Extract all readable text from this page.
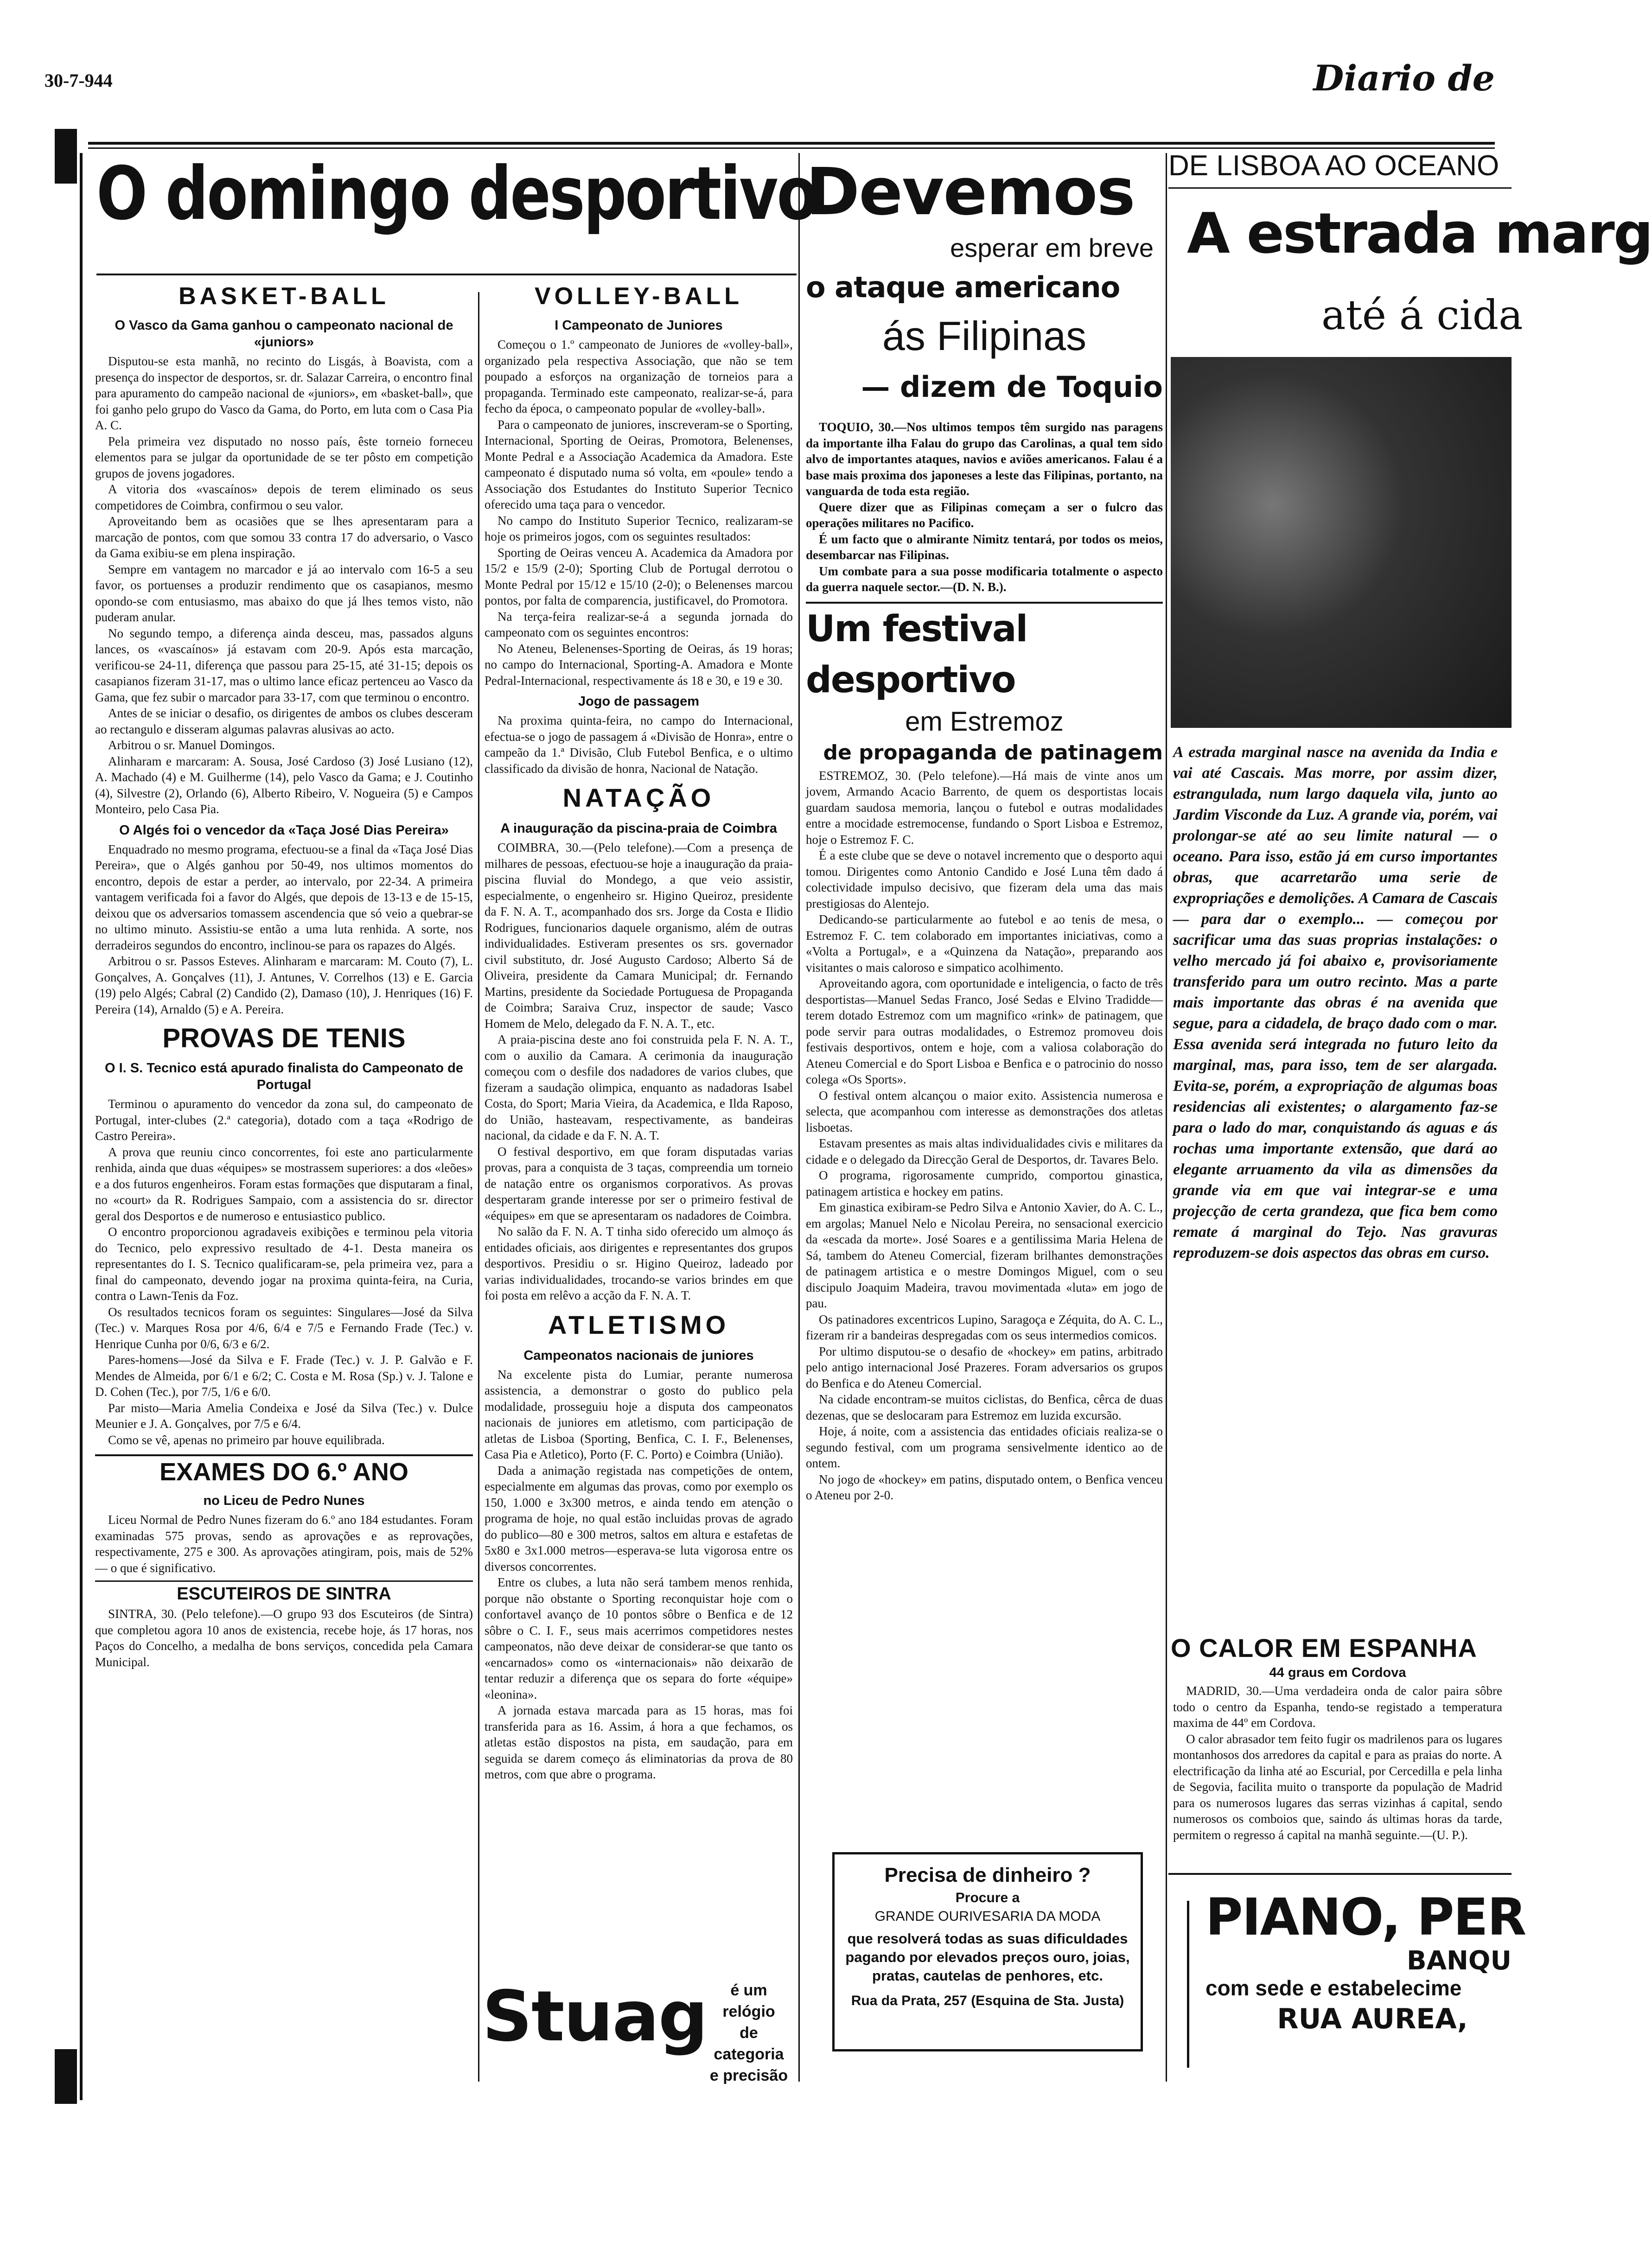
30-7-944	Diario de
O domingo desportivo
BASKET-BALL
O Vasco da Gama ganhou o campeonato nacional de «juniors»

Disputou-se esta manhã, no recinto do Lisgás, à Boavista, com a presença do inspector de desportos, sr. dr. Salazar Carreira, o encontro final para apuramento do campeão nacional de «juniors», em «basket-ball», que foi ganho pelo grupo do Vasco da Gama, do Porto, em luta com o Casa Pia A. C.

Pela primeira vez disputado no nosso país, êste torneio forneceu elementos para se julgar da oportunidade de se ter pôsto em competição grupos de jovens jogadores.

A vitoria dos «vascaínos» depois de terem eliminado os seus competidores de Coimbra, confirmou o seu valor.

Aproveitando bem as ocasiões que se lhes apresentaram para a marcação de pontos, com que somou 33 contra 17 do adversario, o Vasco da Gama exibiu-se em plena inspiração.

Sempre em vantagem no marcador e já ao intervalo com 16-5 a seu favor, os portuenses a produzir rendimento que os casapianos, mesmo opondo-se com entusiasmo, mas abaixo do que já lhes temos visto, não puderam anular.

No segundo tempo, a diferença ainda desceu, mas, passados alguns lances, os «vascaínos» já estavam com 20-9. Após esta marcação, verificou-se 24-11, diferença que passou para 25-15, até 31-15; depois os casapianos fizeram 31-17, mas o ultimo lance eficaz pertenceu ao Vasco da Gama, que fez subir o marcador para 33-17, com que terminou o encontro.

Antes de se iniciar o desafio, os dirigentes de ambos os clubes desceram ao rectangulo e disseram algumas palavras alusivas ao acto.

Arbitrou o sr. Manuel Domingos.

Alinharam e marcaram: A. Sousa, José Cardoso (3) José Lusiano (12), A. Machado (4) e M. Guilherme (14), pelo Vasco da Gama; e J. Coutinho (4), Silvestre (2), Orlando (6), Alberto Ribeiro, V. Nogueira (5) e Campos Monteiro, pelo Casa Pia.

O Algés foi o vencedor da «Taça José Dias Pereira»

Enquadrado no mesmo programa, efectuou-se a final da «Taça José Dias Pereira», que o Algés ganhou por 50-49, nos ultimos momentos do encontro, depois de estar a perder, ao intervalo, por 22-34. A primeira vantagem verificada foi a favor do Algés, que depois de 13-13 e de 15-15, deixou que os adversarios tomassem ascendencia que só veio a quebrar-se no ultimo minuto. Assistiu-se então a uma luta renhida. A sorte, nos derradeiros segundos do encontro, inclinou-se para os rapazes do Algés.

Arbitrou o sr. Passos Esteves. Alinharam e marcaram: M. Couto (7), L. Gonçalves, A. Gonçalves (11), J. Antunes, V. Correlhos (13) e E. Garcia (19) pelo Algés; Cabral (2) Candido (2), Damaso (10), J. Henriques (16) F. Pereira (14), Arnaldo (5) e A. Pereira.

PROVAS DE TENIS
O I. S. Tecnico está apurado finalista do Campeonato de Portugal

Terminou o apuramento do vencedor da zona sul, do campeonato de Portugal, inter-clubes (2.ª categoria), dotado com a taça «Rodrigo de Castro Pereira».

A prova que reuniu cinco concorrentes, foi este ano particularmente renhida, ainda que duas «équipes» se mostrassem superiores: a dos «leões» e a dos futuros engenheiros. Foram estas formações que disputaram a final, no «court» da R. Rodrigues Sampaio, com a assistencia do sr. director geral dos Desportos e de numeroso e entusiastico publico.

O encontro proporcionou agradaveis exibições e terminou pela vitoria do Tecnico, pelo expressivo resultado de 4-1. Desta maneira os representantes do I. S. Tecnico qualificaram-se, pela primeira vez, para a final do campeonato, devendo jogar na proxima quinta-feira, na Curia, contra o Lawn-Tenis da Foz.

Os resultados tecnicos foram os seguintes: Singulares—José da Silva (Tec.) v. Marques Rosa por 4/6, 6/4 e 7/5 e Fernando Frade (Tec.) v. Henrique Cunha por 0/6, 6/3 e 6/2.

Pares-homens—José da Silva e F. Frade (Tec.) v. J. P. Galvão e F. Mendes de Almeida, por 6/1 e 6/2; C. Costa e M. Rosa (Sp.) v. J. Talone e D. Cohen (Tec.), por 7/5, 1/6 e 6/0.

Par misto—Maria Amelia Condeixa e José da Silva (Tec.) v. Dulce Meunier e J. A. Gonçalves, por 7/5 e 6/4.

Como se vê, apenas no primeiro par houve equilibrada.

EXAMES DO 6.º ANO
no Liceu de Pedro Nunes

Liceu Normal de Pedro Nunes fizeram do 6.º ano 184 estudantes. Foram examinadas 575 provas, sendo as aprovações e as reprovações, respectivamente, 275 e 300. As aprovações atingiram, pois, mais de 52% — o que é significativo.

ESCUTEIROS DE SINTRA

SINTRA, 30. (Pelo telefone).—O grupo 93 dos Escuteiros (de Sintra) que completou agora 10 anos de existencia, recebe hoje, ás 17 horas, nos Paços do Concelho, a medalha de bons serviços, concedida pela Camara Municipal.

VOLLEY-BALL
I Campeonato de Juniores

Começou o 1.º campeonato de Juniores de «volley-ball», organizado pela respectiva Associação, que não se tem poupado a esforços na organização de torneios para a propaganda. Terminado este campeonato, realizar-se-á, para fecho da época, o campeonato popular de «volley-ball».

Para o campeonato de juniores, inscreveram-se o Sporting, Internacional, Sporting de Oeiras, Promotora, Belenenses, Monte Pedral e a Associação Academica da Amadora. Este campeonato é disputado numa só volta, em «poule» tendo a Associação dos Estudantes do Instituto Superior Tecnico oferecido uma taça para o vencedor.

No campo do Instituto Superior Tecnico, realizaram-se hoje os primeiros jogos, com os seguintes resultados:

Sporting de Oeiras venceu A. Academica da Amadora por 15/2 e 15/9 (2-0); Sporting Club de Portugal derrotou o Monte Pedral por 15/12 e 15/10 (2-0); o Belenenses marcou pontos, por falta de comparencia, justificavel, do Promotora.

Na terça-feira realizar-se-á a segunda jornada do campeonato com os seguintes encontros:

No Ateneu, Belenenses-Sporting de Oeiras, ás 19 horas; no campo do Internacional, Sporting-A. Amadora e Monte Pedral-Internacional, respectivamente ás 18 e 30, e 19 e 30.

Jogo de passagem

Na proxima quinta-feira, no campo do Internacional, efectua-se o jogo de passagem á «Divisão de Honra», entre o campeão da 1.ª Divisão, Club Futebol Benfica, e o ultimo classificado da divisão de honra, Nacional de Natação.

NATAÇÃO
A inauguração da piscina-praia de Coimbra

COIMBRA, 30.—(Pelo telefone).—Com a presença de milhares de pessoas, efectuou-se hoje a inauguração da praia-piscina fluvial do Mondego, a que veio assistir, especialmente, o engenheiro sr. Higino Queiroz, presidente da F. N. A. T., acompanhado dos srs. Jorge da Costa e Ilidio Rodrigues, funcionarios daquele organismo, além de outras individualidades. Estiveram presentes os srs. governador civil substituto, dr. José Augusto Cardoso; Alberto Sá de Oliveira, presidente da Camara Municipal; dr. Fernando Martins, presidente da Sociedade Portuguesa de Propaganda de Coimbra; Saraiva Cruz, inspector de saude; Vasco Homem de Melo, delegado da F. N. A. T., etc.

A praia-piscina deste ano foi construida pela F. N. A. T., com o auxilio da Camara. A cerimonia da inauguração começou com o desfile dos nadadores de varios clubes, que fizeram a saudação olimpica, enquanto as nadadoras Isabel Costa, do Sport; Maria Vieira, da Academica, e Ilda Raposo, do União, hasteavam, respectivamente, as bandeiras nacional, da cidade e da F. N. A. T.

O festival desportivo, em que foram disputadas varias provas, para a conquista de 3 taças, compreendia um torneio de natação entre os organismos corporativos. As provas despertaram grande interesse por ser o primeiro festival de «équipes» em que se apresentaram os nadadores de Coimbra.

No salão da F. N. A. T tinha sido oferecido um almoço ás entidades oficiais, aos dirigentes e representantes dos grupos desportivos. Presidiu o sr. Higino Queiroz, ladeado por varias individualidades, trocando-se varios brindes em que foi posta em relêvo a acção da F. N. A. T.

ATLETISMO
Campeonatos nacionais de juniores

Na excelente pista do Lumiar, perante numerosa assistencia, a demonstrar o gosto do publico pela modalidade, prosseguiu hoje a disputa dos campeonatos nacionais de juniores em atletismo, com participação de atletas de Lisboa (Sporting, Benfica, C. I. F., Belenenses, Casa Pia e Atletico), Porto (F. C. Porto) e Coimbra (União).

Dada a animação registada nas competições de ontem, especialmente em algumas das provas, como por exemplo os 150, 1.000 e 3x300 metros, e ainda tendo em atenção o programa de hoje, no qual estão incluidas provas de agrado do publico—80 e 300 metros, saltos em altura e estafetas de 5x80 e 3x1.000 metros—esperava-se luta vigorosa entre os diversos concorrentes.

Entre os clubes, a luta não será tambem menos renhida, porque não obstante o Sporting reconquistar hoje com o confortavel avanço de 10 pontos sôbre o Benfica e de 12 sôbre o C. I. F., seus mais acerrimos competidores nestes campeonatos, não deve deixar de considerar-se que tanto os «encarnados» como os «internacionais» não deixarão de tentar reduzir a diferença que os separa do forte «équipe» «leonina».

A jornada estava marcada para as 15 horas, mas foi transferida para as 16. Assim, á hora a que fechamos, os atletas estão dispostos na pista, em saudação, para em seguida se darem começo ás eliminatorias da prova de 80 metros, com que abre o programa.

Stuag	é um relógio
de categoria
e precisão
Devemos
esperar em breve
o ataque americano
ás Filipinas
— dizem de Toquio

TOQUIO, 30.—Nos ultimos tempos têm surgido nas paragens da importante ilha Falau do grupo das Carolinas, a qual tem sido alvo de importantes ataques, navios e aviões americanos. Falau é a base mais proxima dos japoneses a leste das Filipinas, portanto, na vanguarda de toda esta região.

Quere dizer que as Filipinas começam a ser o fulcro das operações militares no Pacifico.

É um facto que o almirante Nimitz tentará, por todos os meios, desembarcar nas Filipinas.

Um combate para a sua posse modificaria totalmente o aspecto da guerra naquele sector.—(D. N. B.).

Um festival desportivo
em Estremoz
de propaganda de patinagem

ESTREMOZ, 30. (Pelo telefone).—Há mais de vinte anos um jovem, Armando Acacio Barrento, de quem os desportistas locais guardam saudosa memoria, lançou o futebol e outras modalidades entre a mocidade estremocense, fundando o Sport Lisboa e Estremoz, hoje o Estremoz F. C.

É a este clube que se deve o notavel incremento que o desporto aqui tomou. Dirigentes como Antonio Candido e José Luna têm dado á colectividade impulso decisivo, que fizeram dela uma das mais prestigiosas do Alentejo.

Dedicando-se particularmente ao futebol e ao tenis de mesa, o Estremoz F. C. tem colaborado em importantes iniciativas, como a «Volta a Portugal», e a «Quinzena da Natação», preparando aos visitantes o mais caloroso e simpatico acolhimento.

Aproveitando agora, com oportunidade e inteligencia, o facto de três desportistas—Manuel Sedas Franco, José Sedas e Elvino Tradidde—terem dotado Estremoz com um magnifico «rink» de patinagem, que pode servir para outras modalidades, o Estremoz promoveu dois festivais desportivos, ontem e hoje, com a valiosa colaboração do Ateneu Comercial e do Sport Lisboa e Benfica e o patrocinio do nosso colega «Os Sports».

O festival ontem alcançou o maior exito. Assistencia numerosa e selecta, que acompanhou com interesse as demonstrações dos atletas lisboetas.

Estavam presentes as mais altas individualidades civis e militares da cidade e o delegado da Direcção Geral de Desportos, dr. Tavares Belo.

O programa, rigorosamente cumprido, comportou ginastica, patinagem artistica e hockey em patins.

Em ginastica exibiram-se Pedro Silva e Antonio Xavier, do A. C. L., em argolas; Manuel Nelo e Nicolau Pereira, no sensacional exercicio da «escada da morte». José Soares e a gentilissima Maria Helena de Sá, tambem do Ateneu Comercial, fizeram brilhantes demonstrações de patinagem artistica e o mestre Domingos Miguel, com o seu discipulo Joaquim Madeira, travou movimentada «luta» em jogo de pau.

Os patinadores excentricos Lupino, Saragoça e Zéquita, do A. C. L., fizeram rir a bandeiras despregadas com os seus intermedios comicos.

Por ultimo disputou-se o desafio de «hockey» em patins, arbitrado pelo antigo internacional José Prazeres. Foram adversarios os grupos do Benfica e do Ateneu Comercial.

Na cidade encontram-se muitos ciclistas, do Benfica, cêrca de duas dezenas, que se deslocaram para Estremoz em luzida excursão.

Hoje, á noite, com a assistencia das entidades oficiais realiza-se o segundo festival, com um programa sensivelmente identico ao de ontem.

No jogo de «hockey» em patins, disputado ontem, o Benfica venceu o Ateneu por 2-0.

Precisa de dinheiro ?
Procure a
GRANDE OURIVESARIA DA MODA
que resolverá todas as suas dificuldades pagando por elevados preços ouro, joias, pratas, cautelas de penhores, etc.
Rua da Prata, 257 (Esquina de Sta. Justa)
DE LISBOA AO OCEANO
A estrada marg
até á cida
A estrada marginal nasce na avenida da India e vai até Cascais. Mas morre, por assim dizer, estrangulada, num largo daquela vila, junto ao Jardim Visconde da Luz. A grande via, porém, vai prolongar-se até ao seu limite natural — o oceano. Para isso, estão já em curso importantes obras, que acarretarão uma serie de expropriações e demolições. A Camara de Cascais — para dar o exemplo... — começou por sacrificar uma das suas proprias instalações: o velho mercado já foi abaixo e, provisoriamente transferido para um outro recinto. Mas a parte mais importante das obras é na avenida que segue, para a cidadela, de braço dado com o mar. Essa avenida será integrada no futuro leito da marginal, mas, para isso, tem de ser alargada. Evita-se, porém, a expropriação de algumas boas residencias ali existentes; o alargamento faz-se para o lado do mar, conquistando ás aguas e ás rochas uma importante extensão, que dará ao elegante arruamento da vila as dimensões da grande via em que vai integrar-se e uma projecção de certa grandeza, que fica bem como remate á marginal do Tejo. Nas gravuras reproduzem-se dois aspectos das obras em curso.
O CALOR EM ESPANHA
44 graus em Cordova

MADRID, 30.—Uma verdadeira onda de calor paira sôbre todo o centro da Espanha, tendo-se registado a temperatura maxima de 44º em Cordova.

O calor abrasador tem feito fugir os madrilenos para os lugares montanhosos dos arredores da capital e para as praias do norte. A electrificação da linha até ao Escurial, por Cercedilla e pela linha de Segovia, facilita muito o transporte da população de Madrid para os numerosos lugares das serras vizinhas á capital, sendo numerosos os comboios que, saindo ás ultimas horas da tarde, permitem o regresso á capital na manhã seguinte.—(U. P.).

PIANO, PER
BANQU
com sede e estabelecime
RUA AUREA,
